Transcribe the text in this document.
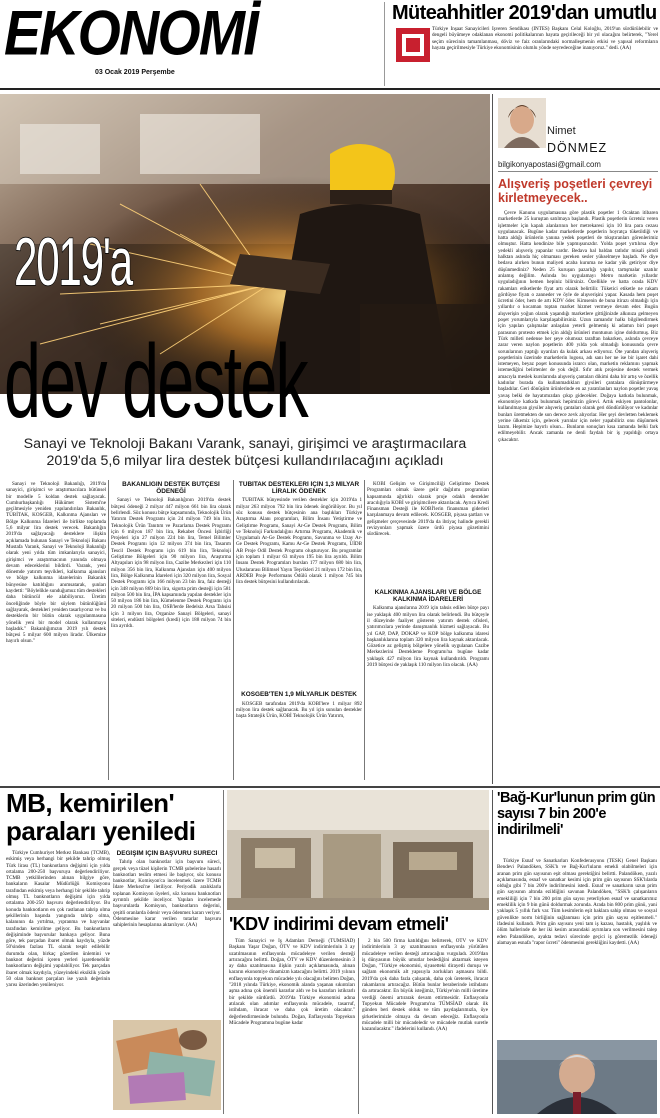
EKONOMİ
03 Ocak 2019 Perşembe
Müteahhitler 2019'dan umutlu
Türkiye İnşaat Sanayicileri İşveren Sendikası (İNTES) Başkanı Celal Koloğlu, 2019'un sürdürülebilir ve dengeli büyümeye odaklanan ekonomi politikalarının hayata geçirileceği bir yıl olacağını belirterek, "Yerel seçim sürecinin tamamlanması, döviz ve faiz oranlarındaki normalleşmenin etkisi ve yapısal reformların hayata geçirilmesiyle Türkiye ekonomisinin olumlu yönde seyredeceğine inanıyoruz." dedi. (AA)
2019'a
dev destek
Sanayi ve Teknoloji Bakanı Varank, sanayi, girişimci ve araştırmacılara 2019'da 5,6 milyar lira destek bütçesi kullandırılacağını açıkladı

Sanayi ve Teknoloji Bakanlığı, 2019'da sanayici, girişimci ve araştırmacılara bütünsel bir modelle 5 koldan destek sağlayacak. Cumhurbaşkanlığı Hükümet Sistemi'ne geçilmesiyle yeniden yapılandırılan Bakanlık, TÜBİTAK, KOSGEB, Kalkınma Ajansları ve Bölge Kalkınma İdareleri ile birlikte toplamda 5,6 milyar lira destek verecek. Bakanlığın 2019'da sağlayacağı desteklere ilişkin açıklamada bulunan Sanayi ve Teknoloji Bakanı Mustafa Varank, Sanayi ve Teknoloji Bakanlığı olarak yeni yılda tüm imkanlarıyla sanayici, girişimci ve araştırmacının yanında olmaya devam edeceklerini bildirdi. Varank, yeni dönemde yatırım teşvikleri, kalkınma ajansları ve bölge kalkınma idarelerinin Bakanlık bünyesine katıldığını anımsatarak, şunları kaydetti: "Böylelikle sunduğumuz tüm destekleri daha bütüncül ele alabiliyoruz. Üretim önceliğinde böyle bir söylem bütünlüğünü sağlayarak, destekleri yeniden tasarlıyoruz ve bu desteklerin bir bütün olarak uygulanmasına yönelik yeni bir model olarak kullanmaya başladık." Bakanlığımızın 2019 yılı destek bütçesi 5 milyar 600 milyon liradır. Ülkemize hayırlı olsun."

BAKANLIĞIN DESTEK BÜTÇESİ ÖDENEĞİ

Sanayi ve Teknoloji Bakanlığının 2019'da destek bütçesi ödeneği 2 milyar 447 milyon 661 bin lira olarak belirlendi. Söz konusu bütçe kapsamında, Teknolojik Ürün Yatırım Destek Programı için 24 milyon 749 bin lira, Teknolojik Ürün Tanıtım ve Pazarlama Destek Programı için 6 milyon 187 bin lira, Rekabet Öncesi İşbirliği Projeleri için 27 milyon 224 bin lira, Temel Bilimler Destek Programı için 12 milyon 374 bin lira, Tasarım Tescil Destek Programı için 619 bin lira, Teknoloji Geliştirme Bölgeleri için 90 milyon lira, Araştırma Altyapıları için 98 milyon lira, Cazibe Merkezleri için 110 milyon 356 bin lira, Kalkınma Ajansları için 400 milyon lira, Bölge Kalkınma İdareleri için 320 milyon lira, Sosyal Destek Programı için 166 milyon 23 bin lira, faiz desteği için 348 milyon 869 bin lira, sigorta prim desteği için 581 milyon 500 bin lira, İPA kapsamında yapılan destekler için 50 milyon 186 bin lira, Kümelenme Destek Programı için 20 milyon 500 bin lira, OSB'lerde Bedelsiz Arsa Tahsisi için 3 milyon lira, Organize Sanayi Bölgeleri, sanayi siteleri, endüstri bölgeleri (kredi) için 188 milyon 74 bin lira ayrıldı.

TÜBİTAK DESTEKLERİ İÇİN 1,3 MİLYAR LİRALIK ÖDENEK

TÜBİTAK bünyesinde verilen destekler için 2019'da 1 milyar 263 milyon 792 bin lira ödenek öngörülüyor. Bu yıl söz konusu destek bütçesinin ana başlıkları Türkiye Araştırma Alanı programları, Bilim İnsanı Yetiştirme ve Geliştirme Programı, Sanayi Ar-Ge Destek Programı, Bilim ve Teknoloji Farkındalığını Artırma Programı, Akademik ve Uygulamalı Ar-Ge Destek Programı, Savunma ve Uzay Ar-Ge Destek Programı, Kamu Ar-Ge Destek Programı, ÜİDB AB Proje Odil Destek Programı oluşturuyor. Bu programlar için toplam 1 milyar 63 milyon 195 bin lira ayrıldı. Bilim İnsanı Destek Programları burslan 177 milyon 680 bin lira, Uluslararası Bilimsel Yayın Teşvikleri 21 milyon 172 bin lira, ARDEB Proje Performans Ödülü olarak 1 milyon 745 bin lira destek bütçesini kullandırılacak.

KOSGEB'TEN 1,9 MİLYARLIK DESTEK

KOSGEB tarafından 2019'da KOBİ'lere 1 milyar 892 milyon lira destek sağlanacak. Bu yıl için sunulan destekler başta Stratejik Ürün, KOBİ Teknolojik Ürün Yatırım,

KOBİ Gelişim ve Girişimciliği Geliştirme Destek Programları olmak üzere gelir dağılımı programları kapsamında ağırlıklı olarak proje odaklı destekler aracılığıyla KOBİ ve girişimcilere aktarılacak. Ayrıca Kredi Finansman Desteği ile KOBİ'lerin finansman giderleri karşılanmaya devam edilecek. KOSGEB, piyasa şartları ve gelişmeler çerçevesinde 2019'da da ihtiyaç halinde gerekli revizyonları yapmak üzere ürdü piyasa gözetimini sürdürecek.

KALKINMA AJANSLARI VE BÖLGE KALKINMA İDARELERİ

Kalkınma ajanslarına 2019 için tahsis edilen bütçe payı ise yaklaşık 400 milyon lira olarak belirlendi. Bu bütçeyle il düzeyinde faaliyet gösteren yatırım destek ofisleri, yatırımcılara yerinde danışmanlık hizmeti sağlayacak. Bu yıl GAP, DAP, DOKAP ve KOP bölge kalkınma idaresi başkanlıklarına toplam 320 milyon lira kaynak aktarılacak. Gözetice az gelişmiş bölgelere yönelik uygulanan Cazibe Merkezlerini Destekleme Programı'na bugüne kadar yaklaşık 427 milyon lira kaynak kullandırıldı. Programı 2019 bütçesi de yaklaşık 110 milyon lira olacak. (AA)

Nimet
DÖNMEZ
bilgikonyapostasi@gmail.com
Alışveriş poşetleri çevreyi kirletmeyecek..

Çevre Kanunu uygulamasına göre plastik poşetler 1 Ocaktan itibaren marketlerde 25 kuruştan satılmaya başlandı. Plastik poşetlerin ücretsiz veren işletmeler için kapalı alanlarının her metrekaresi için 10 lira para cezası uygulanacak. Bugüne kadar marketlerde poşetlerin hoyratça tüketildiği ve hatta aldığı ürünlerin yanına yedek poşetleri de tıkıştıranları görenlerimiz olmuştur. Hatta kendinize bile yapmışsınızdır. Yolda poşet yırtılırsa diye yedekli alışveriş yapanlar vardır. Bedava hal baldan tatlıdır misali şimdi halktan aslında hiç olmaması gereken sesler yükselmeye başladı. Ne diye bedava alırken bunun maliyeti acaba kuruma ne kadar yük getiriyor diye düşünmediniz? Neden 25 kuruşun pazarlığı yapılır, tartışmalar uzatılır anlamış değilim. Aslında bu uygulamayı Metro marketin yıllardır uyguladığının hemen hepiniz bilirsiniz. Özellikle ve hatta orada KDV rakamları etiketlerde fiyat artı olarak belirtilir. Tüketici etiketle ne rakam gördüyse fiyatı o zanneder ve öyle de alışverişini yapar. Kasada hem poşet ücretini öder, hem de artı KDV öder. Kimsenin de buna itirazı olmadığı için yıllardır o kocaman toptan market hizmet vermeye devam eder. Bugün alışverişin yoğun olarak yaşandığı marketlere gittiğinizde alkınıza gelmeyen poşet yorumlarıyla karşılaşabilirsiniz. Uzun zamandır halkı bilgilendirmek için yapılan çalışmalar anlaşılan yeterli gelmemiş ki adamın biri poşet parasının protesto etmek için aldığı ürünleri montunun içine doldurmuş. Biz Türk milleti nedense her şeye olumsuz taraftan bakarken, aslında çevreye zarar veren naylon poşetlerin 400 yılda yok olmadığı konusunda çevre sorunlarının yaptığı uyarıları da kulak arkası ediyoruz. Öte yandan alışveriş poşetlerinin üzerinde marketlerin logosu, adı sanı her ne ise bir işaret dahi istemeyen, beyaz poşet konusunda israrcı olan, marketin reklamını yapmak istemediğini belirtenler de yok değil. Sıfır atık projesine destek vermek amacıyla meslek kurslarında alışveriş çantaları dikimi daha bir artış ve özellik kadınlar burada da kullanmadıkları giysileri çantalara dönüştürmeye başladılar. Geri dönüşüm ürünlerinde en az yaratılanları naylon poşetler yavaş yavaş belki de hayatımızdan çıkıp gidecekler. Doğaya katkıda bulunmak, ekonomiye katkıda bulunmak hepimizin görevi. Artık eskiyen pantolonlar, kullanılmayan giysiler alışveriş çantaları olarak geri döndürülüyor ve kadınlar bunları üretmekten de son derece zevk alıyorlar. Her şeyi devletten beklemek yerine ülkemiz için, gelecek yarınlar için neler yapabiliriz onu düşünmek lazım. Hepimize hayırlı olsun... Bunların sonuçları kısa zamanda belki fark edilmeyebilir. Ancak zamanla ne denli faydalı bir iş yapıldığı ortaya çıkacaktır.

MB, kemirilen'
paraları yeniledi

Türkiye Cumhuriyet Merkez Bankası (TCMB), eskimiş veya herhangi bir şekilde tahrip olmuş Türk lirası (TL) banknotların değişimi için yılda ortalama 200-250 başvuruya değerlendiriliyor. TCMB yetkililerinden alınan bilgiye göre, bankaların Kasalar Müdürlüğü Komisyonu tarafından eskimiş veya herhangi bir şekilde tahrip olmuş TL banknotların değişimi için yılda ortalama 200-250 başvuru değerlendiriliyor. Bu konuda banknotların en çok rastlanan tahrip olma şekillerinin başında yangında tahrip olma, kalanının da yırtılma, yıpranma ve hayvanlar tarafından kemirilme geliyor. Bu banknotların değişiminde başvurular bankaya geliyor. Buna göre, tek parçadan ibaret olmak kaydıyla, yüzde 50'sinden fazlası TL olarak tespit edilebilir durumda olan, birkaç gözetilen ünlemini ve banknot değerini içeren yerleri işaretlenebilir banknotların değişimi yapılabiliyor. Tek parçadan ibaret olmak kaydıyla, yüzeyindeki eksiklik yüzde 50 olan banknot parçaları ise yazılı değerinin yarısı üzerinden yenileniyor.

DEĞİŞİM İÇİN BAŞVURU SÜRECİ

Tahrip olan banknotlar için başvuru süreci, gerçek veya tüzel kişilerin TCMB şubelerine hasarlı banknotları teslim etmesi ile başlıyor, söz konusu banknotlar, Komisyon'ca incelenmek üzere TCMB İdare Merkezi'ne iletiliyor. Periyodik aralıklarla toplanan Komisyon üyeleri, söz konusu banknotları ayrıntılı şekilde inceliyor. Yapılan incelemede başvurularda Komisyon, banknotların değerini, çeşitli oranlarda ödenir veya ödenmez kararı veriyor. Ödenmesine karar verilen tutarlar başvuru sahiplerinin hesaplarına aktarılıyor. (AA)	'KDV indirimi devam etmeli'

Tüm Sanayici ve İş Adamları Derneği (TÜMSİAD) Başkanı Yaşar Doğan, ÖTV ve KDV indirimlerinin 3 ay uzatılmasının enflasyonla mücadeleye verilen desteği artıracağını belirtti. Doğan, ÖTV ve KDV düzenlemesinin 3 ay daha uzatılmasına ilişkin yazılı açıklamasında, alınan kararın ekonomiye dinamizm katacağını belirtti. 2019 yılının enflasyonla topyekun mücadele yılı olacağını belirten Doğan, "2018 yılında Türkiye, ekonomik alanda yaşanan sıkıntıları aşma adına çok önemli kararlar aldı ve bu kararları istikrarlı bir şekilde sürdürdü. 2019'da Türkiye ekonomisi adına atılacak olan adımlar enflasyonla mücadele, tasarruf, istihdam, ihracat ve daha çok üretim olacaktır." değerlendirmesinde bulundu. Doğan, Enflasyonla Topyekun Mücadele Programına bugüne kadar

2 bin 500 firma katıldığını belirterek, ÖTV ve KDV indirimlerinin 3 ay uzatılmasının enflasyonla yürütülen mücadeleye verilen desteği artıracağını vurguladı. 2019'dan iş dünyasının büyük umutlar beslediğini aktarmak isteyen Doğan, "Türkiye ekonomisi, siyasetteki dirayetli duruşu ve sağlam ekonomik alt yapısıyla zorlukları aşmasını bildi. 2019'da çok daha fazla çalışarak, daha çok üreterek, ihracat rakamlarını artıracağız. Bütün bunlar beraberinde istihdamı da artıracaktır. En büyük isteğimiz, Türkiye'nin milli üretime verdiği önemi artırarak devam ettirmesidir. Enflasyonla Topyekun Mücadele Programı'na TÜMSİAD olarak ilk günden beri destek olduk ve tüm paydaşlarımızla, üye şirketlerimizle olmaya da devam edeceğiz. Enflasyonla mücadele milli bir mücadeledir ve mücadele mutlak suretle kazanılacaktır." ifadelerini kullandı. (AA)

'Bağ-Kur'lunun prim gün sayısı 7 bin 200'e indirilmeli'

Türkiye Esnaf ve Sanatkarları Konfederasyonu (TESK) Genel Başkanı Bendevi Palandöken, SSK'lı ve Bağ-Kur'luların emekli olabilmeleri için aranan prim gün sayısının eşit olması gerektiğini belirtti. Palandöken, yazılı açıklamasında, esnaf ve sanatkar kesimi için prim gün sayısının SSK'lılarda olduğu gibi 7 bin 200'e indirilmesini istedi. Esnaf ve sanatkarın uzun prim gün sayısının altında ezildiğini savunan Palandöken, "SSK'lı çalışanların emekliliği için 7 bin 200 prim gün sayısı yeterliyken esnaf ve sanatkarımız emeklilik için 9 bin günü doldurmak zorunda. Arada bin 800 prim günü, yani yaklaşık 5 yıllık fark var. Tüm kesimlerin eşit haklara sahip olması ve sosyal güvenlikte norm birliğinin sağlanması için prim gün sayısı eşitlenmeli." ifadesini kullandı. Prim gün sayısını yeni tam iş kazası, hastalık, yaşlılık ve ölüm hallerinde de her iki kesim arasındaki ayrımlara son verilmesini talep eden Palandöken, ayakta tedavi sürecinde geçici iş göremezlik ödeneği alamayan esnafa "rapor ücreti" ödenmesini gerekliğini kaydetti. (AA)
